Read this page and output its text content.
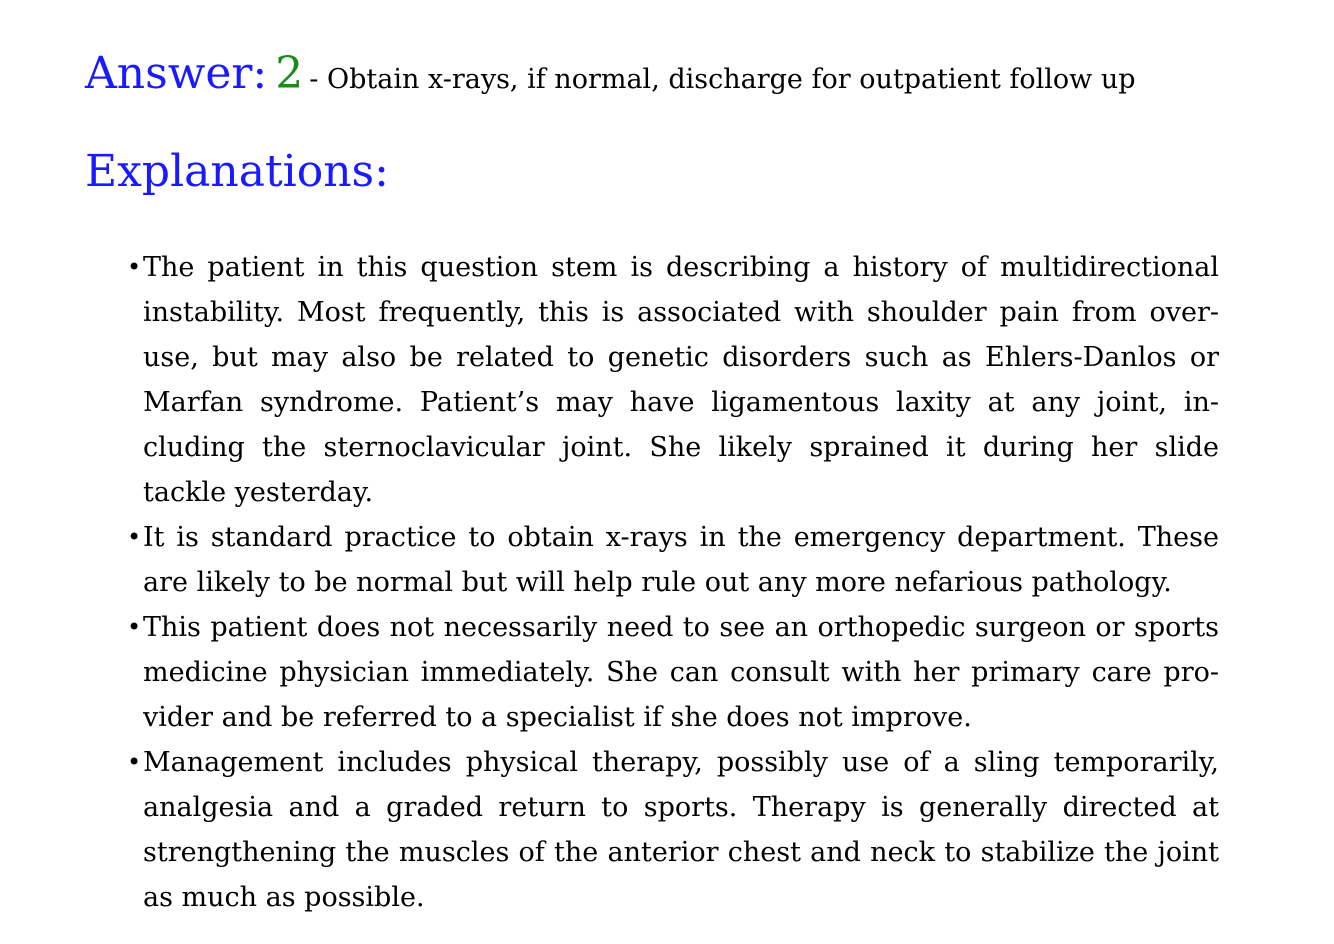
Answer: 2 - Obtain x-rays, if normal, discharge for outpatient follow up
Explanations:
• The patient in this question stem is describing a history of multidirectional instability. Most frequently, this is associated with shoulder pain from overuse, but may also be related to genetic disorders such as Ehlers-Danlos or Marfan syndrome. Patient’s may have ligamentous laxity at any joint, including the sternoclavicular joint. She likely sprained it during her slide tackle yesterday.
• It is standard practice to obtain x-rays in the emergency department. These are likely to be normal but will help rule out any more nefarious pathology.
• This patient does not necessarily need to see an orthopedic surgeon or sports medicine physician immediately. She can consult with her primary care provider and be referred to a specialist if she does not improve.
• Management includes physical therapy, possibly use of a sling temporarily, analgesia and a graded return to sports. Therapy is generally directed at strengthening the muscles of the anterior chest and neck to stabilize the joint as much as possible.
